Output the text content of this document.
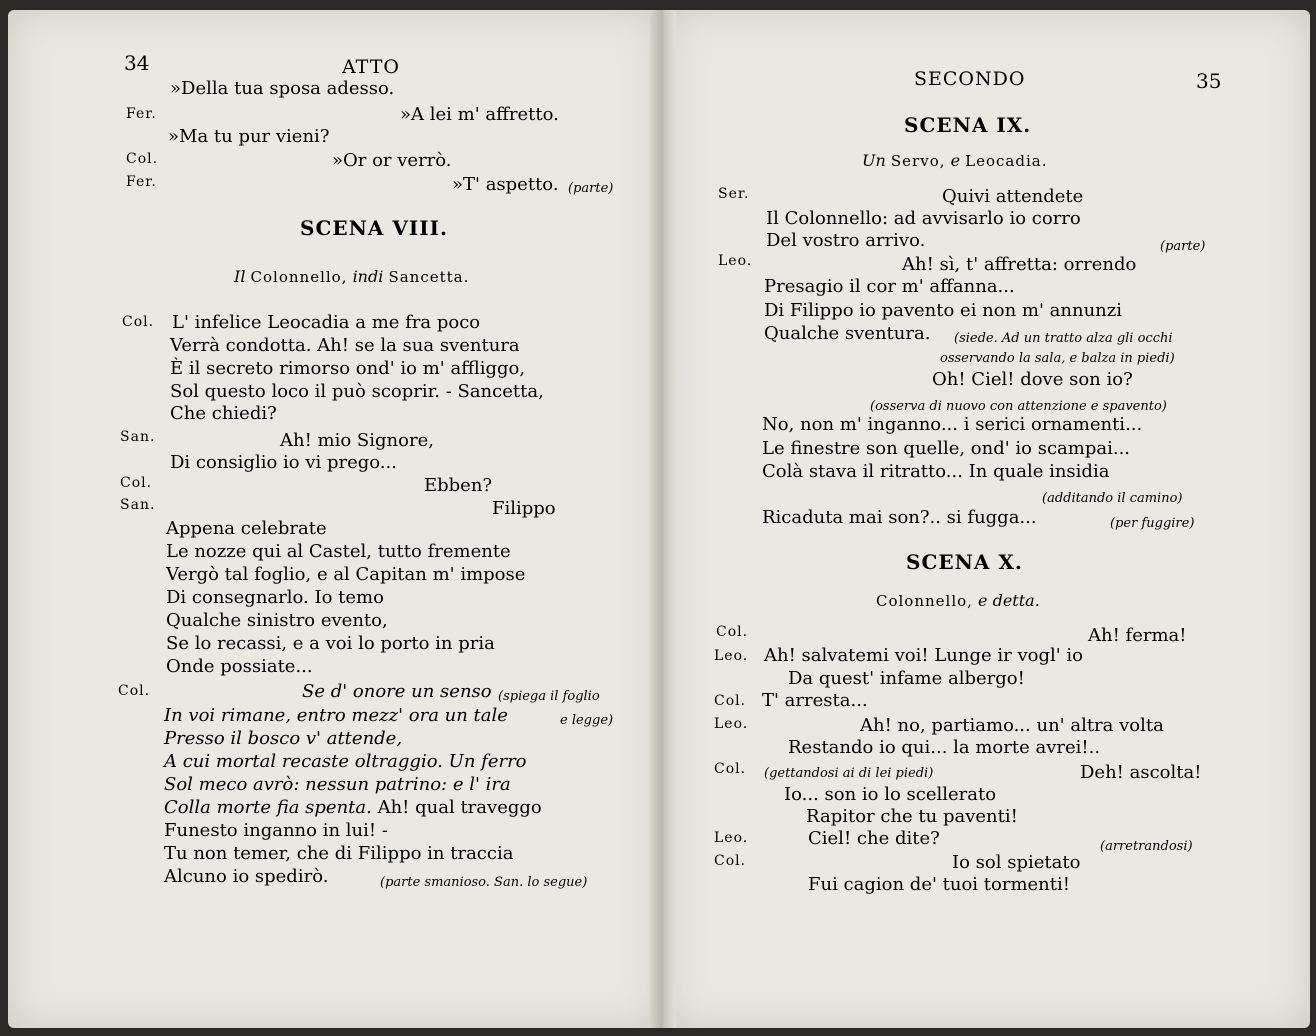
34	ATTO
»Della tua sposa adesso.
Fer.	»A lei m' affretto.
»Ma tu pur vieni?
Col.	»Or or verrò.
Fer.	»T' aspetto. (parte)
SCENA VIII.
Il Colonnello, indi Sancetta.
Col. L' infelice Leocadia a me fra poco
Verrà condotta. Ah! se la sua sventura
È il secreto rimorso ond' io m' affliggo,
Sol questo loco il può scoprir. - Sancetta,
Che chiedi?
San.	Ah! mio Signore,
Di consiglio io vi prego...
Col.	Ebben?
San.	Filippo
Appena celebrate
Le nozze qui al Castel, tutto fremente
Vergò tal foglio, e al Capitan m' impose
Di consegnarlo. Io temo
Qualche sinistro evento,
Se lo recassi, e a voi lo porto in pria
Onde possiate...
Col.	Se d' onore un senso (spiega il foglio
In voi rimane, entro mezz' ora un tale	e legge)
Presso il bosco v' attende,
A cui mortal recaste oltraggio. Un ferro
Sol meco avrò: nessun patrino: e l' ira
Colla morte fia spenta. Ah! qual traveggo
Funesto inganno in lui! -
Tu non temer, che di Filippo in traccia
Alcuno io spedirò.	(parte smanioso. San. lo segue)
SECONDO	35
SCENA IX.
Un Servo, e Leocadia.
Ser.	Quivi attendete
Il Colonnello: ad avvisarlo io corro
Del vostro arrivo.	(parte)
Leo.	Ah! sì, t' affretta: orrendo
Presagio il cor m' affanna...
Di Filippo io pavento ei non m' annunzi
Qualche sventura. (siede. Ad un tratto alza gli occhi
osservando la sala, e balza in piedi)
Oh! Ciel! dove son io?
(osserva di nuovo con attenzione e spavento)
No, non m' inganno... i serici ornamenti...
Le finestre son quelle, ond' io scampai...
Colà stava il ritratto... In quale insidia
(additando il camino)
Ricaduta mai son?.. si fugga...	(per fuggire)
SCENA X.
Colonnello, e detta.
Col.	Ah! ferma!
Leo. Ah! salvatemi voi! Lunge ir vogl' io
Da quest' infame albergo!
Col. T' arresta...
Leo.	Ah! no, partiamo... un' altra volta
Restando io qui... la morte avrei!..
Col. (gettandosi ai di lei piedi)	Deh! ascolta!
Io... son io lo scellerato
Rapitor che tu paventi!
Leo.	Ciel! che dite?	(arretrandosi)
Col.	Io sol spietato
Fui cagion de' tuoi tormenti!
